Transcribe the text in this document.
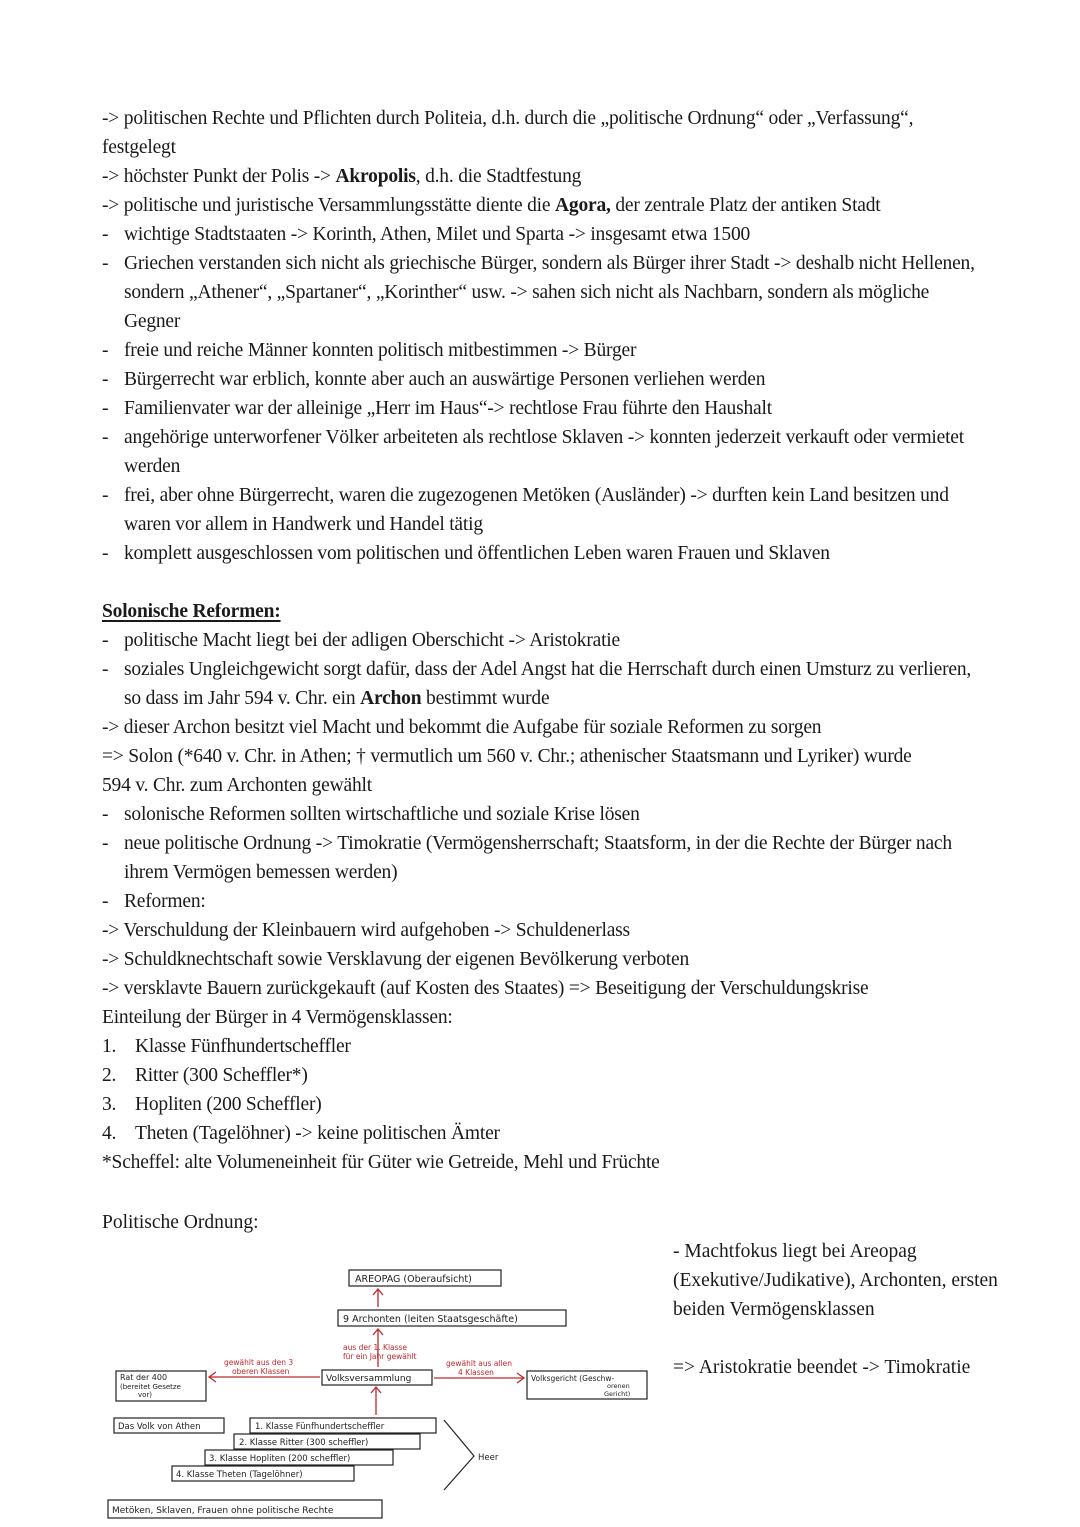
-> politischen Rechte und Pflichten durch Politeia, d.h. durch die „politische Ordnung“ oder „Verfassung“,
festgelegt
-> höchster Punkt der Polis -> Akropolis, d.h. die Stadtfestung
-> politische und juristische Versammlungsstätte diente die Agora, der zentrale Platz der antiken Stadt
- wichtige Stadtstaaten -> Korinth, Athen, Milet und Sparta -> insgesamt etwa 1500
- Griechen verstanden sich nicht als griechische Bürger, sondern als Bürger ihrer Stadt -> deshalb nicht Hellenen, sondern „Athener“, „Spartaner“, „Korinther“ usw. -> sahen sich nicht als Nachbarn, sondern als mögliche Gegner
- freie und reiche Männer konnten politisch mitbestimmen -> Bürger
- Bürgerrecht war erblich, konnte aber auch an auswärtige Personen verliehen werden
- Familienvater war der alleinige „Herr im Haus“-> rechtlose Frau führte den Haushalt
- angehörige unterworfener Völker arbeiteten als rechtlose Sklaven -> konnten jederzeit verkauft oder vermietet werden
- frei, aber ohne Bürgerrecht, waren die zugezogenen Metöken (Ausländer) -> durften kein Land besitzen und waren vor allem in Handwerk und Handel tätig
- komplett ausgeschlossen vom politischen und öffentlichen Leben waren Frauen und Sklaven
Solonische Reformen:
- politische Macht liegt bei der adligen Oberschicht -> Aristokratie
- soziales Ungleichgewicht sorgt dafür, dass der Adel Angst hat die Herrschaft durch einen Umsturz zu verlieren, so dass im Jahr 594 v. Chr. ein Archon bestimmt wurde
-> dieser Archon besitzt viel Macht und bekommt die Aufgabe für soziale Reformen zu sorgen
=> Solon (*640 v. Chr. in Athen; † vermutlich um 560 v. Chr.; athenischer Staatsmann und Lyriker) wurde
594 v. Chr. zum Archonten gewählt
- solonische Reformen sollten wirtschaftliche und soziale Krise lösen
- neue politische Ordnung -> Timokratie (Vermögensherrschaft; Staatsform, in der die Rechte der Bürger nach ihrem Vermögen bemessen werden)
- Reformen:
-> Verschuldung der Kleinbauern wird aufgehoben -> Schuldenerlass
-> Schuldknechtschaft sowie Versklavung der eigenen Bevölkerung verboten
-> versklavte Bauern zurückgekauft (auf Kosten des Staates) => Beseitigung der Verschuldungskrise
Einteilung der Bürger in 4 Vermögensklassen:
1. Klasse Fünfhundertscheffler
2. Ritter (300 Scheffler*)
3. Hopliten (200 Scheffler)
4. Theten (Tagelöhner) -> keine politischen Ämter
*Scheffel: alte Volumeneinheit für Güter wie Getreide, Mehl und Früchte
Politische Ordnung:
- Machtfokus liegt bei Areopag (Exekutive/Judikative), Archonten, ersten beiden Vermögensklassen
=> Aristokratie beendet -> Timokratie
AREOPAG (Oberaufsicht)
9 Archonten (leiten Staatsgeschäfte)
Rat der 400
(bereitet Gesetze
vor)
Volksversammlung	Volksgericht (Geschw-
orenen
Gericht)
Das Volk von Athen	1. Klasse Fünfhundertscheffler
2. Klasse Ritter (300 scheffler)
3. Klasse Hopliten (200 scheffler)
4. Klasse Theten (Tagelöhner)
Heer
Metöken, Sklaven, Frauen ohne politische Rechte
aus der 1. Klasse
für ein Jahr gewählt
gewählt aus den 3
oberen Klassen
gewählt aus allen
4 Klassen
